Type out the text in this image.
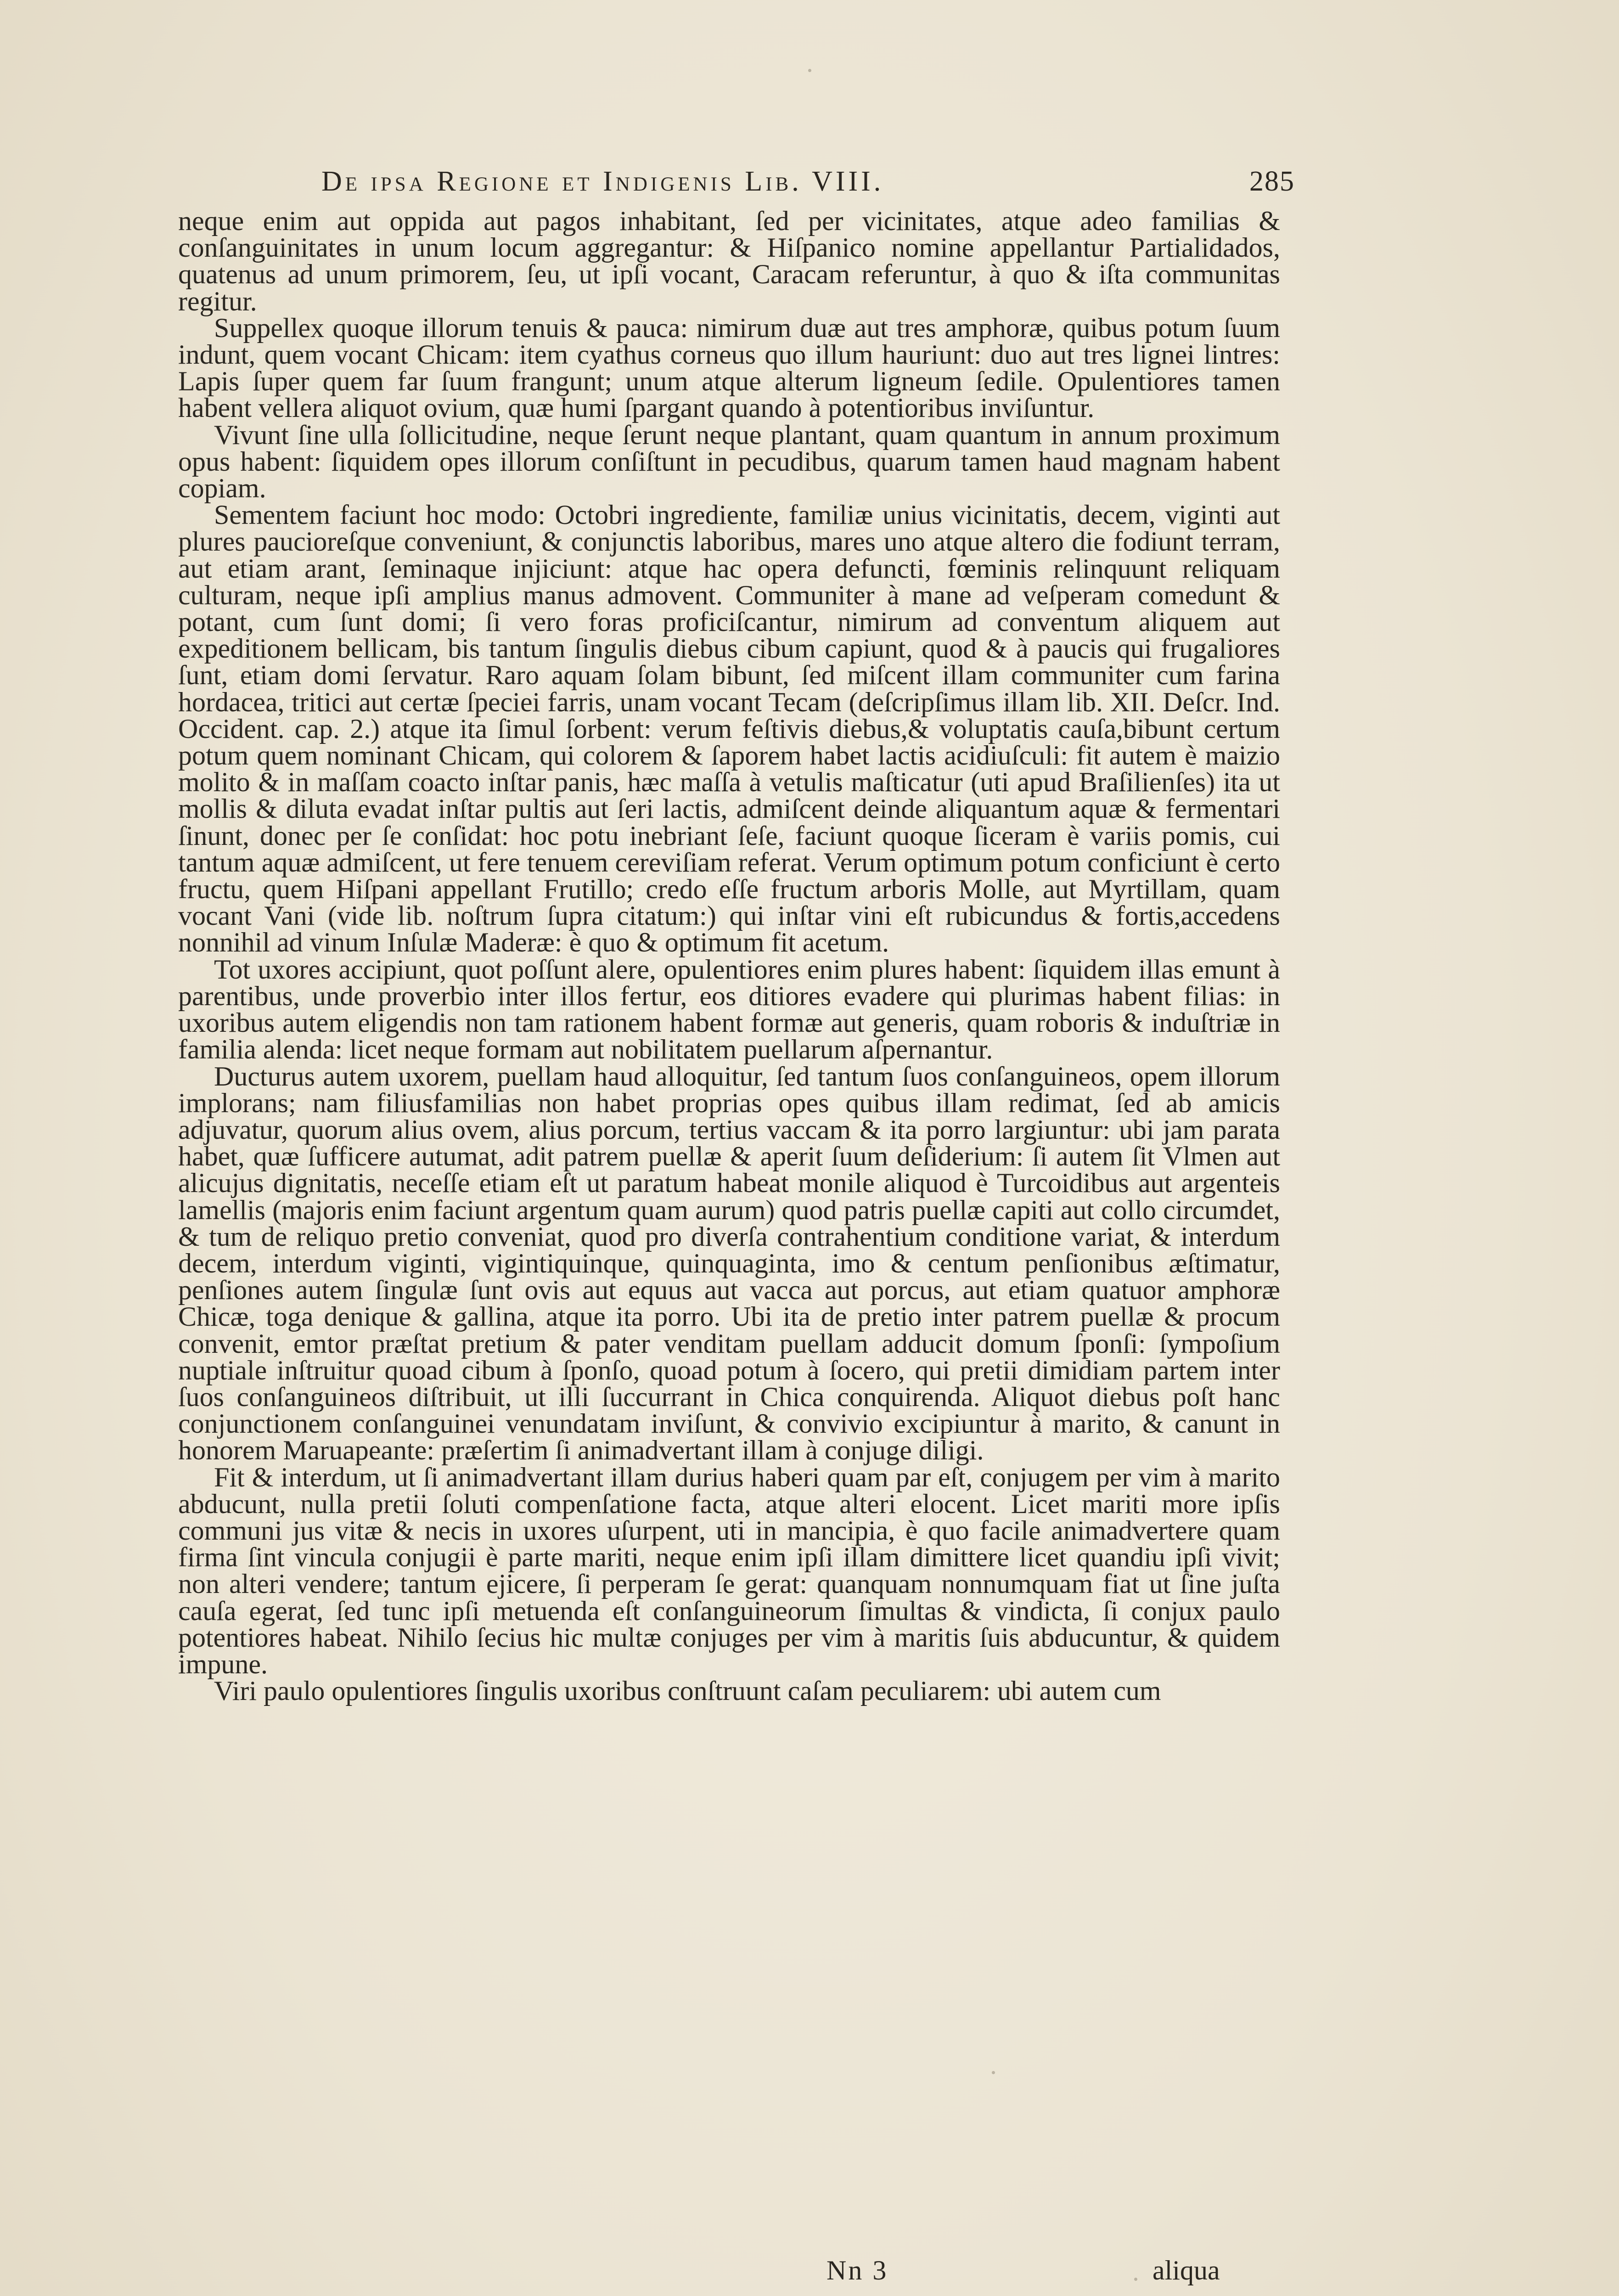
De ipsa Regione et Indigenis Lib. VIII.	285

neque enim aut oppida aut pagos inhabitant, ſed per vicinitates, atque adeo familias & conſanguinitates in unum locum aggregantur: & Hiſpanico nomine appellantur Partialidados, quatenus ad unum primorem, ſeu, ut ipſi vocant, Caracam referuntur, à quo & iſta communitas regitur.

Suppellex quoque illorum tenuis & pauca: nimirum duæ aut tres amphoræ, quibus potum ſuum indunt, quem vocant Chicam: item cyathus corneus quo illum hauriunt: duo aut tres lignei lintres: Lapis ſuper quem far ſuum frangunt; unum atque alterum ligneum ſedile. Opulentiores tamen habent vellera aliquot ovium, quæ humi ſpargant quando à potentioribus inviſuntur.

Vivunt ſine ulla ſollicitudine, neque ſerunt neque plantant, quam quantum in annum proximum opus habent: ſiquidem opes illorum conſiſtunt in pecudibus, quarum tamen haud magnam habent copiam.

Sementem faciunt hoc modo: Octobri ingrediente, familiæ unius vicinitatis, decem, viginti aut plures paucioreſque conveniunt, & conjunctis laboribus, mares uno atque altero die fodiunt terram, aut etiam arant, ſeminaque injiciunt: atque hac opera defuncti, fœminis relinquunt reliquam culturam, neque ipſi amplius manus admovent. Communiter à mane ad veſperam comedunt & potant, cum ſunt domi; ſi vero foras proficiſcantur, nimirum ad conventum aliquem aut expeditionem bellicam, bis tantum ſingulis diebus cibum capiunt, quod & à paucis qui frugaliores ſunt, etiam domi ſervatur. Raro aquam ſolam bibunt, ſed miſcent illam communiter cum farina hordacea, tritici aut certæ ſpeciei farris, unam vocant Tecam (deſcripſimus illam lib. XII. Deſcr. Ind. Occident. cap. 2.) atque ita ſimul ſorbent: verum feſtivis diebus,& voluptatis cauſa,bibunt certum potum quem nominant Chicam, qui colorem & ſaporem habet lactis acidiuſculi: fit autem è maizio molito & in maſſam coacto inſtar panis, hæc maſſa à vetulis maſticatur (uti apud Braſilienſes) ita ut mollis & diluta evadat inſtar pultis aut ſeri lactis, admiſcent deinde aliquantum aquæ & fermentari ſinunt, donec per ſe conſidat: hoc potu inebriant ſeſe, faciunt quoque ſiceram è variis pomis, cui tantum aquæ admiſcent, ut fere tenuem cereviſiam referat. Verum optimum potum conficiunt è certo fructu, quem Hiſpani appellant Frutillo; credo eſſe fructum arboris Molle, aut Myrtillam, quam vocant Vani (vide lib. noſtrum ſupra citatum:) qui inſtar vini eſt rubicundus & fortis,accedens nonnihil ad vinum Inſulæ Maderæ: è quo & optimum fit acetum.

Tot uxores accipiunt, quot poſſunt alere, opulentiores enim plures habent: ſiquidem illas emunt à parentibus, unde proverbio inter illos fertur, eos ditiores evadere qui plurimas habent filias: in uxoribus autem eligendis non tam rationem habent formæ aut generis, quam roboris & induſtriæ in familia alenda: licet neque formam aut nobilitatem puellarum aſpernantur.

Ducturus autem uxorem, puellam haud alloquitur, ſed tantum ſuos conſanguineos, opem illorum implorans; nam filiusfamilias non habet proprias opes quibus illam redimat, ſed ab amicis adjuvatur, quorum alius ovem, alius porcum, tertius vaccam & ita porro largiuntur: ubi jam parata habet, quæ ſufficere autumat, adit patrem puellæ & aperit ſuum deſiderium: ſi autem ſit Vlmen aut alicujus dignitatis, neceſſe etiam eſt ut paratum habeat monile aliquod è Turcoidibus aut argenteis lamellis (majoris enim faciunt argentum quam aurum) quod patris puellæ capiti aut collo circumdet, & tum de reliquo pretio conveniat, quod pro diverſa contrahentium conditione variat, & interdum decem, interdum viginti, vigintiquinque, quinquaginta, imo & centum penſionibus æſtimatur, penſiones autem ſingulæ ſunt ovis aut equus aut vacca aut porcus, aut etiam quatuor amphoræ Chicæ, toga denique & gallina, atque ita porro. Ubi ita de pretio inter patrem puellæ & procum convenit, emtor præſtat pretium & pater venditam puellam adducit domum ſponſi: ſympoſium nuptiale inſtruitur quoad cibum à ſponſo, quoad potum à ſocero, qui pretii dimidiam partem inter ſuos conſanguineos diſtribuit, ut illi ſuccurrant in Chica conquirenda. Aliquot diebus poſt hanc conjunctionem conſanguinei venundatam inviſunt, & convivio excipiuntur à marito, & canunt in honorem Maruapeante: præſertim ſi animadvertant illam à conjuge diligi.

Fit & interdum, ut ſi animadvertant illam durius haberi quam par eſt, conjugem per vim à marito abducunt, nulla pretii ſoluti compenſatione facta, atque alteri elocent. Licet mariti more ipſis communi jus vitæ & necis in uxores uſurpent, uti in mancipia, è quo facile animadvertere quam firma ſint vincula conjugii è parte mariti, neque enim ipſi illam dimittere licet quandiu ipſi vivit; non alteri vendere; tantum ejicere, ſi perperam ſe gerat: quanquam nonnumquam fiat ut ſine juſta cauſa egerat, ſed tunc ipſi metuenda eſt conſanguineorum ſimultas & vindicta, ſi conjux paulo potentiores habeat. Nihilo ſecius hic multæ conjuges per vim à maritis ſuis abducuntur, & quidem impune.

Viri paulo opulentiores ſingulis uxoribus conſtruunt caſam peculiarem: ubi autem cum

Nn 3	aliqua
